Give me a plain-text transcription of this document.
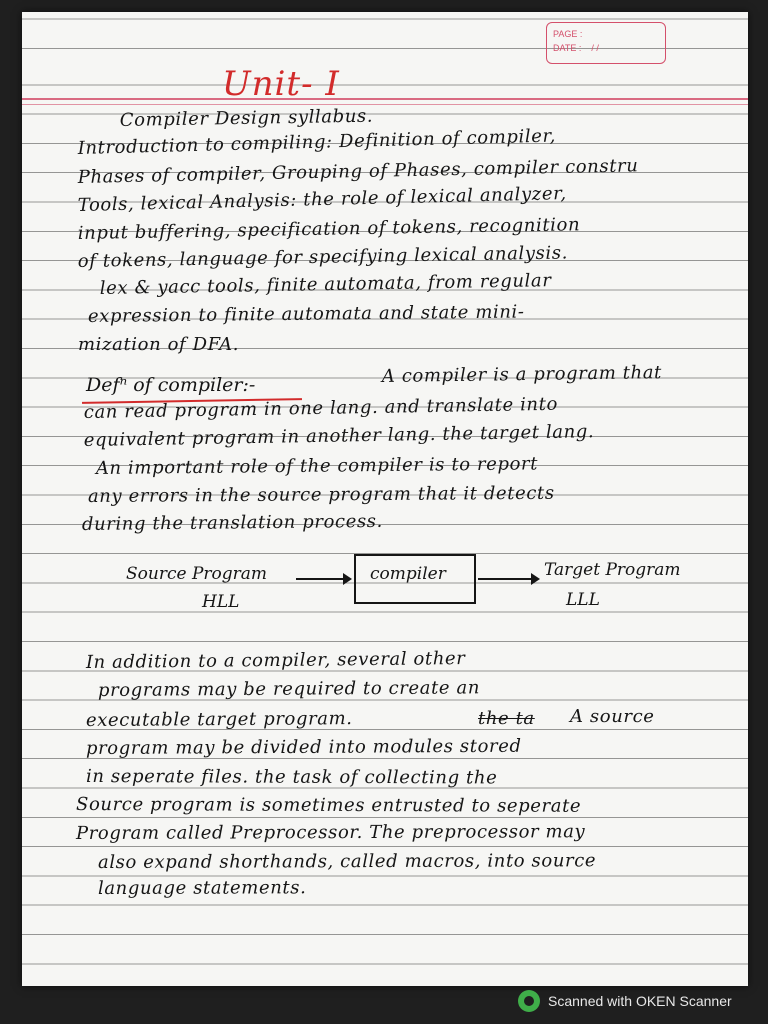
PAGE :
DATE : / /
Unit- I
Compiler Design syllabus.
Introduction to compiling: Definition of compiler,
Phases of compiler, Grouping of Phases, compiler constru
Tools, lexical Analysis: the role of lexical analyzer,
input buffering, specification of tokens, recognition
of tokens, language for specifying lexical analysis.
lex & yacc tools, finite automata, from regular
expression to finite automata and state mini-
mization of DFA.
Defⁿ of compiler:-	A compiler is a program that
can read program in one lang. and translate into
equivalent program in another lang. the target lang.
An important role of the compiler is to report
any errors in the source program that it detects
during the translation process.
Source Program	compiler	Target Program
HLL	LLL
In addition to a compiler, several other
programs may be required to create an
executable target program.	the ta A source
program may be divided into modules stored
in seperate files. the task of collecting the
Source program is sometimes entrusted to seperate
Program called Preprocessor. The preprocessor may
also expand shorthands, called macros, into source
language statements.
Scanned with OKEN Scanner
